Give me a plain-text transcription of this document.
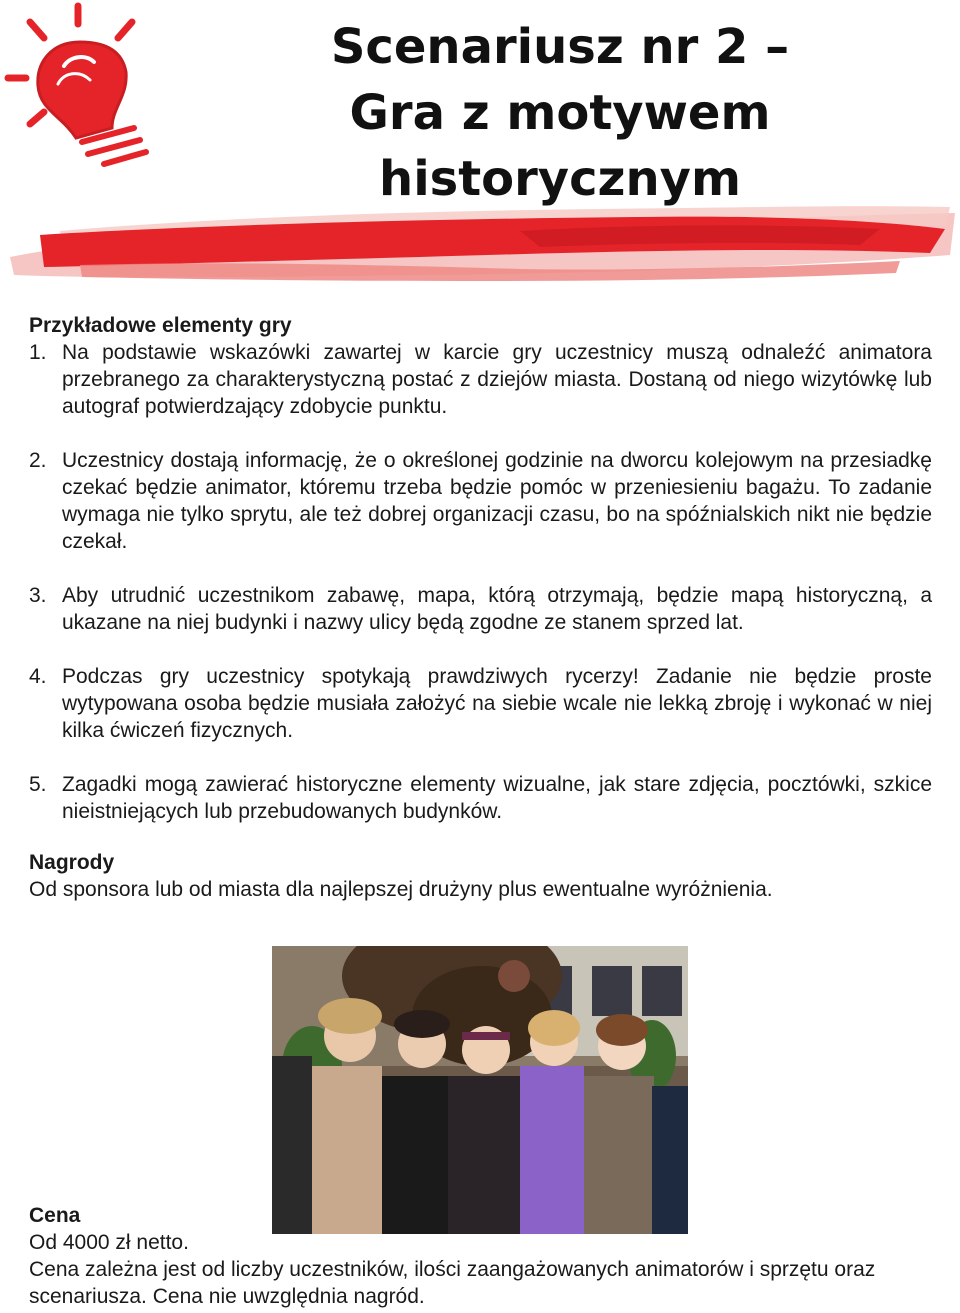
Scenariusz nr 2 –
Gra z motywem historycznym
Przykładowe elementy gry
1. Na podstawie wskazówki zawartej w karcie gry uczestnicy muszą odnaleźć animatora przebranego za charakterystyczną postać z dziejów miasta. Dostaną od niego wizytówkę lub autograf potwierdzający zdobycie punktu.
2. Uczestnicy dostają informację, że o określonej godzinie na dworcu kolejowym na przesiadkę czekać będzie animator, któremu trzeba będzie pomóc w przeniesieniu bagażu. To zadanie wymaga nie tylko sprytu, ale też dobrej organizacji czasu, bo na spóźnialskich nikt nie będzie czekał.
3. Aby utrudnić uczestnikom zabawę, mapa, którą otrzymają, będzie mapą historyczną, a ukazane na niej budynki i nazwy ulicy będą zgodne ze stanem sprzed lat.
4. Podczas gry uczestnicy spotykają prawdziwych rycerzy! Zadanie nie będzie proste wytypowana osoba będzie musiała założyć na siebie wcale nie lekką zbroję i wykonać w niej kilka ćwiczeń fizycznych.
5. Zagadki mogą zawierać historyczne elementy wizualne, jak stare zdjęcia, pocztówki, szkice nieistniejących lub przebudowanych budynków.
Nagrody
Od sponsora lub od miasta dla najlepszej drużyny plus ewentualne wyróżnienia.
Cena
Od 4000 zł netto.
Cena zależna jest od liczby uczestników, ilości zaangażowanych animatorów i sprzętu oraz scenariusza. Cena nie uwzględnia nagród.
